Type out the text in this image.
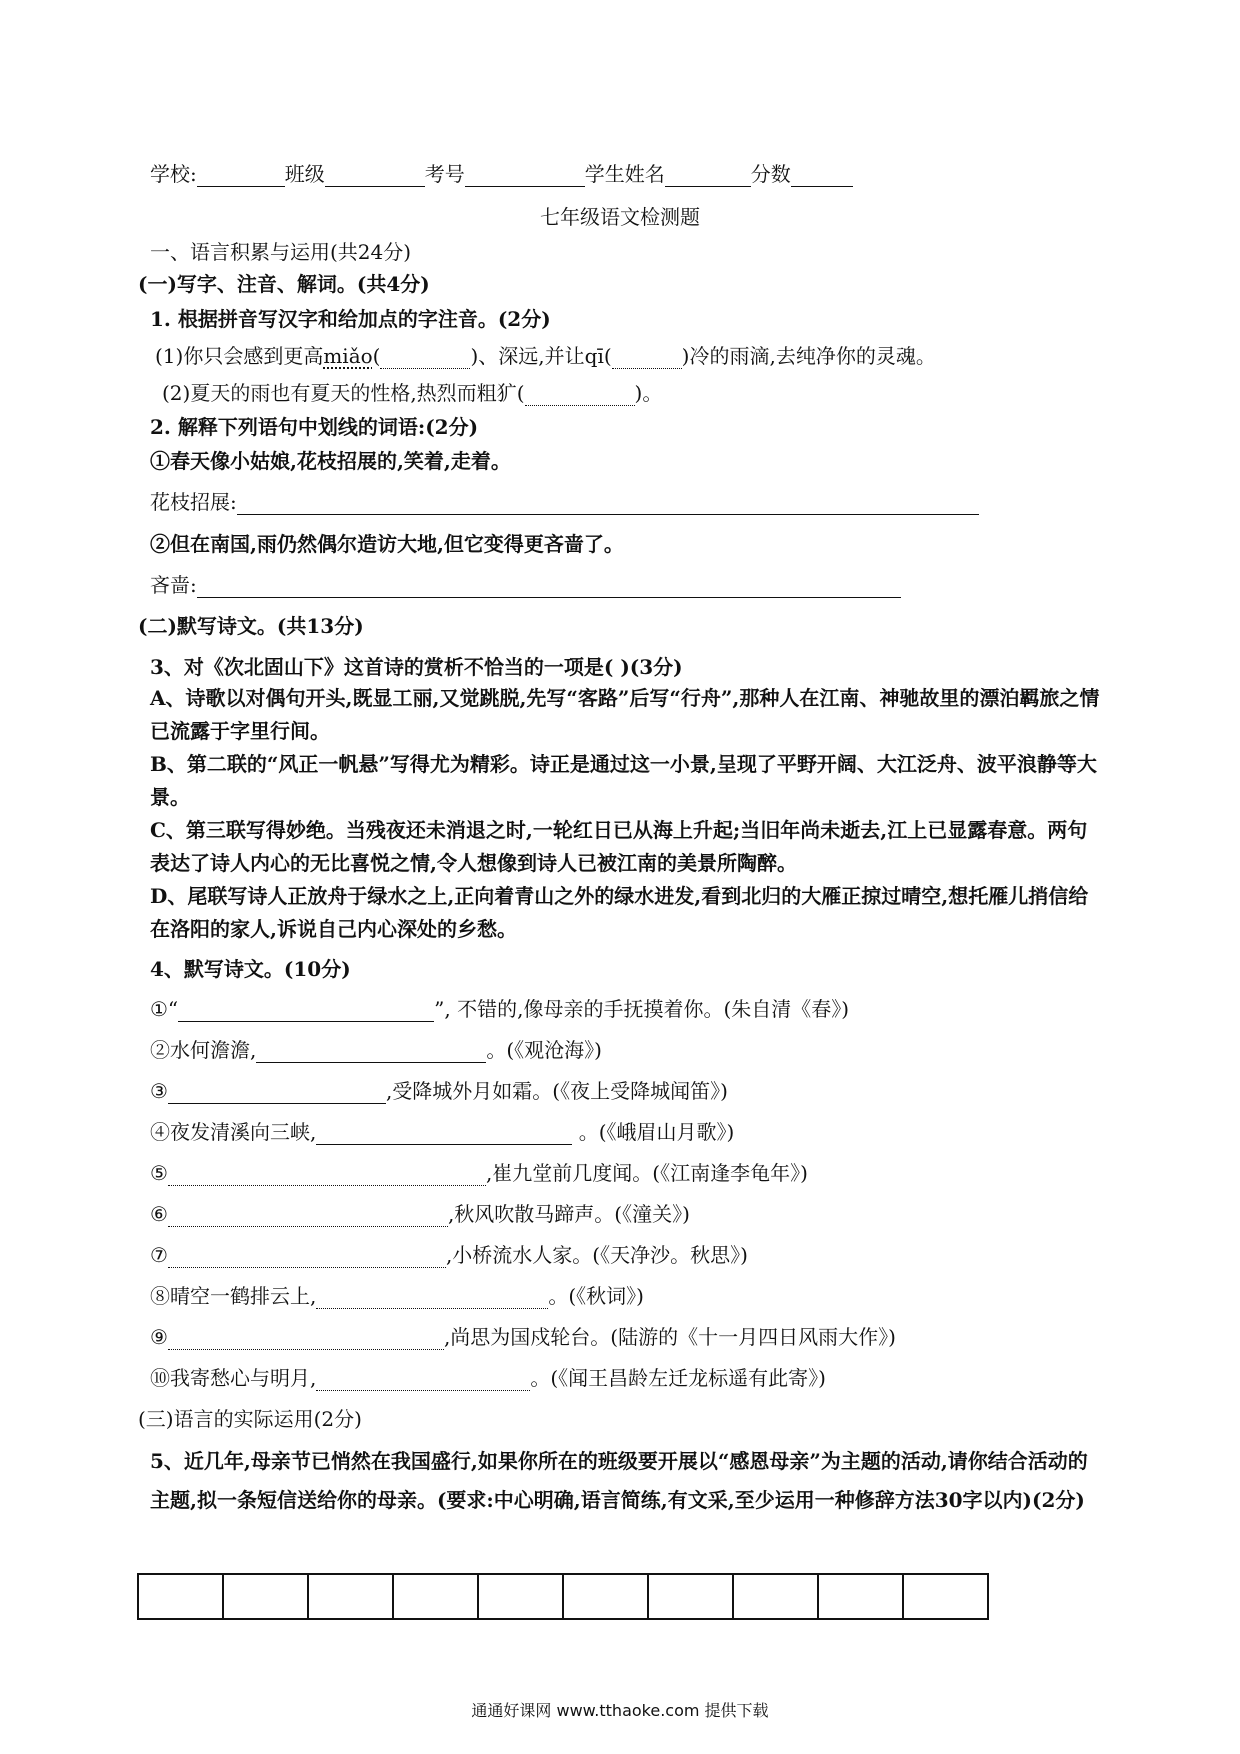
学校:	班级	考号	学生姓名	分数
七年级语文检测题
一、语言积累与运用(共24分)
(一)写字、注音、解词。(共4分)
1. 根据拼音写汉字和给加点的字注音。(2分)
(1)你只会感到更高miǎo(	)、深远,并让qī(	)冷的雨滴,去纯净你的灵魂。
(2)夏天的雨也有夏天的性格,热烈而粗犷(	)。
2. 解释下列语句中划线的词语:(2分)
①春天像小姑娘,花枝招展的,笑着,走着。
花枝招展:
②但在南国,雨仍然偶尔造访大地,但它变得更吝啬了。
吝啬:
(二)默写诗文。(共13分)
3、对《次北固山下》这首诗的赏析不恰当的一项是( )(3分)
A、诗歌以对偶句开头,既显工丽,又觉跳脱,先写“客路”后写“行舟”,那种人在江南、神驰故里的漂泊羁旅之情已流露于字里行间。
B、第二联的“风正一帆悬”写得尤为精彩。诗正是通过这一小景,呈现了平野开阔、大江泛舟、波平浪静等大景。
C、第三联写得妙绝。当残夜还未消退之时,一轮红日已从海上升起;当旧年尚未逝去,江上已显露春意。两句表达了诗人内心的无比喜悦之情,令人想像到诗人已被江南的美景所陶醉。
D、尾联写诗人正放舟于绿水之上,正向着青山之外的绿水进发,看到北归的大雁正掠过晴空,想托雁儿捎信给在洛阳的家人,诉说自己内心深处的乡愁。
4、默写诗文。(10分)
①“	”, 不错的,像母亲的手抚摸着你。(朱自清《春》)
②水何澹澹,	。(《观沧海》)
③	,受降城外月如霜。(《夜上受降城闻笛》)
④夜发清溪向三峡,	。(《峨眉山月歌》)
⑤	,崔九堂前几度闻。(《江南逢李龟年》)
⑥	,秋风吹散马蹄声。(《潼关》)
⑦	,小桥流水人家。(《天净沙。秋思》)
⑧晴空一鹤排云上,	。(《秋词》)
⑨	,尚思为国戍轮台。(陆游的《十一月四日风雨大作》)
⑩我寄愁心与明月,	。(《闻王昌龄左迁龙标遥有此寄》)
(三)语言的实际运用(2分)
5、近几年,母亲节已悄然在我国盛行,如果你所在的班级要开展以“感恩母亲”为主题的活动,请你结合活动的主题,拟一条短信送给你的母亲。(要求:中心明确,语言简练,有文采,至少运用一种修辞方法30字以内)(2分)
通通好课网 www.tthaoke.com 提供下载
